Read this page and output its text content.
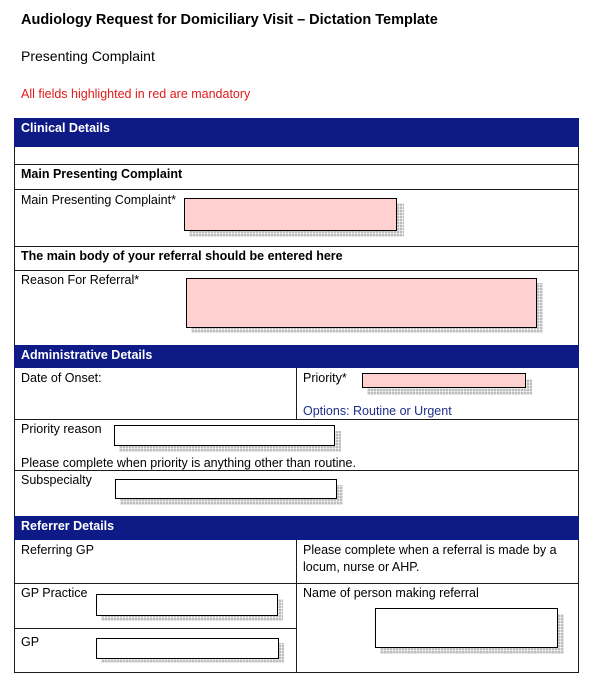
Audiology Request for Domiciliary Visit – Dictation Template
Presenting Complaint
All fields highlighted in red are mandatory
Clinical Details
Main Presenting Complaint
Main Presenting Complaint*
The main body of your referral should be entered here
Reason For Referral*
Administrative Details
Date of Onset:	Priority*
Options: Routine or Urgent
Priority reason
Please complete when priority is anything other than routine.
Subspecialty
Referrer Details
Referring GP	Please complete when a referral is made by a
locum, nurse or AHP.
GP Practice	Name of person making referral
GP
